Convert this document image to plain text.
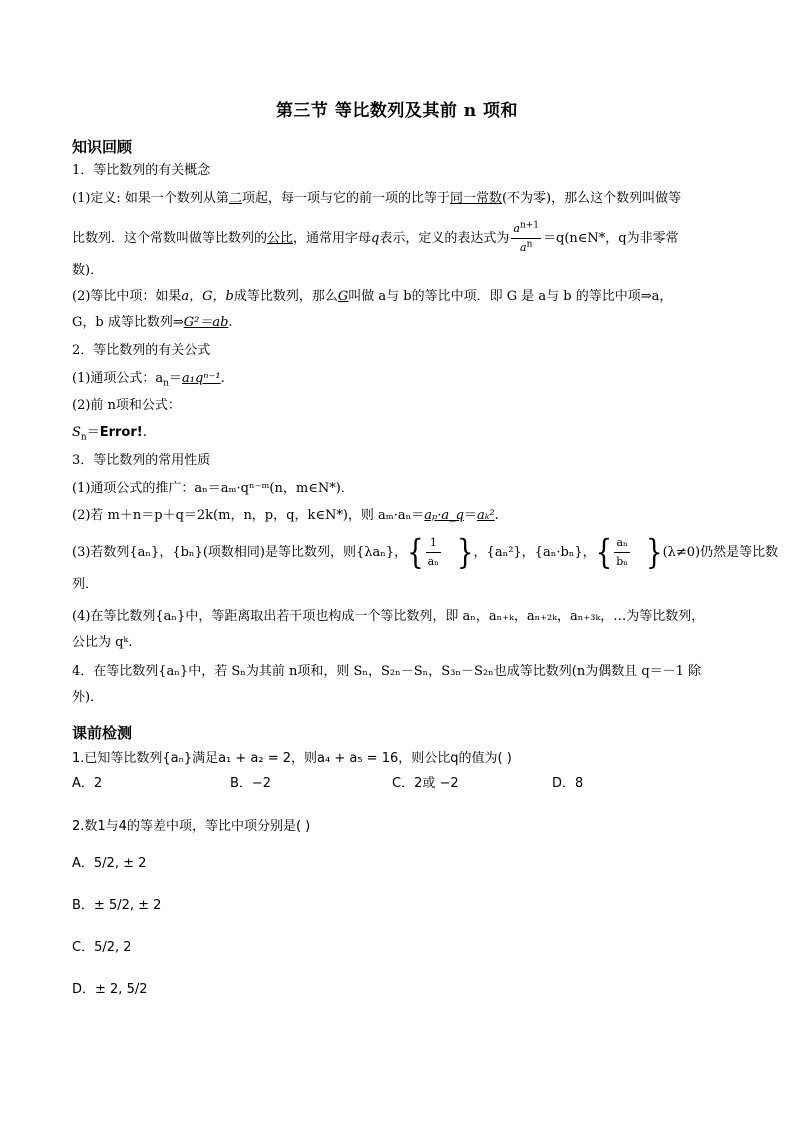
第三节 等比数列及其前 n 项和
知识回顾
1．等比数列的有关概念
(1)定义: 如果一个数列从第二项起，每一项与它的前一项的比等于同一常数(不为零)，那么这个数列叫做等
比数列．这个常数叫做等比数列的公比，通常用字母q表示，定义的表达式为 $\frac{a^{n+1}}{a^n}$ ＝q(n∈N*，q为非零常
数)．
(2)等比中项：如果a，G，b成等比数列，那么G叫做 a与 b的等比中项．即 G 是 a与 b 的等比中项⇒a，
G，b 成等比数列⇒G²＝ab.
2．等比数列的有关公式
(1)通项公式：$a_n=a_1q^{n-1}$.
(2)前 n项和公式：
$S_n=Error$!.
3．等比数列的常用性质
(1)通项公式的推广：aₙ＝aₘ·qⁿ⁻ᵐ(n，m∈N*)．
(2)若 m＋n＝p＋q＝2k(m，n，p，q，k∈N*)，则 aₘ·aₙ＝aₚ·a_q＝aₖ².
(3)若数列{aₙ}，{bₙ}(项数相同)是等比数列，则{λaₙ}，{ $\frac{1}{\text{aₙ}}$ }，{aₙ²}，{aₙ·bₙ}，{ $\frac{\text{aₙ}}{\text{bₙ}} \}(\lambda\ne 0)$仍然是等比数
列．
(4)在等比数列{aₙ}中，等距离取出若干项也构成一个等比数列，即 aₙ，aₙ₊ₖ，aₙ₊₂ₖ，aₙ₊₃ₖ，…为等比数列，
公比为 qᵏ.
4．在等比数列{aₙ}中，若 Sₙ为其前 n项和，则 Sₙ，S₂ₙ－Sₙ，S₃ₙ－S₂ₙ也成等比数列(n为偶数且 q＝－1 除
外)．
课前检测
1.已知等比数列{aₙ}满足a₁ + a₂ = 2，则a₄ + a₅ = 16，则公比q的值为( )
A．2	B．−2	C．2或 −2	D．8
2.数1与4的等差中项，等比中项分别是( )
A．5/2, ± 2
B．± 5/2, ± 2
C．5/2, 2
D．± 2, 5/2
